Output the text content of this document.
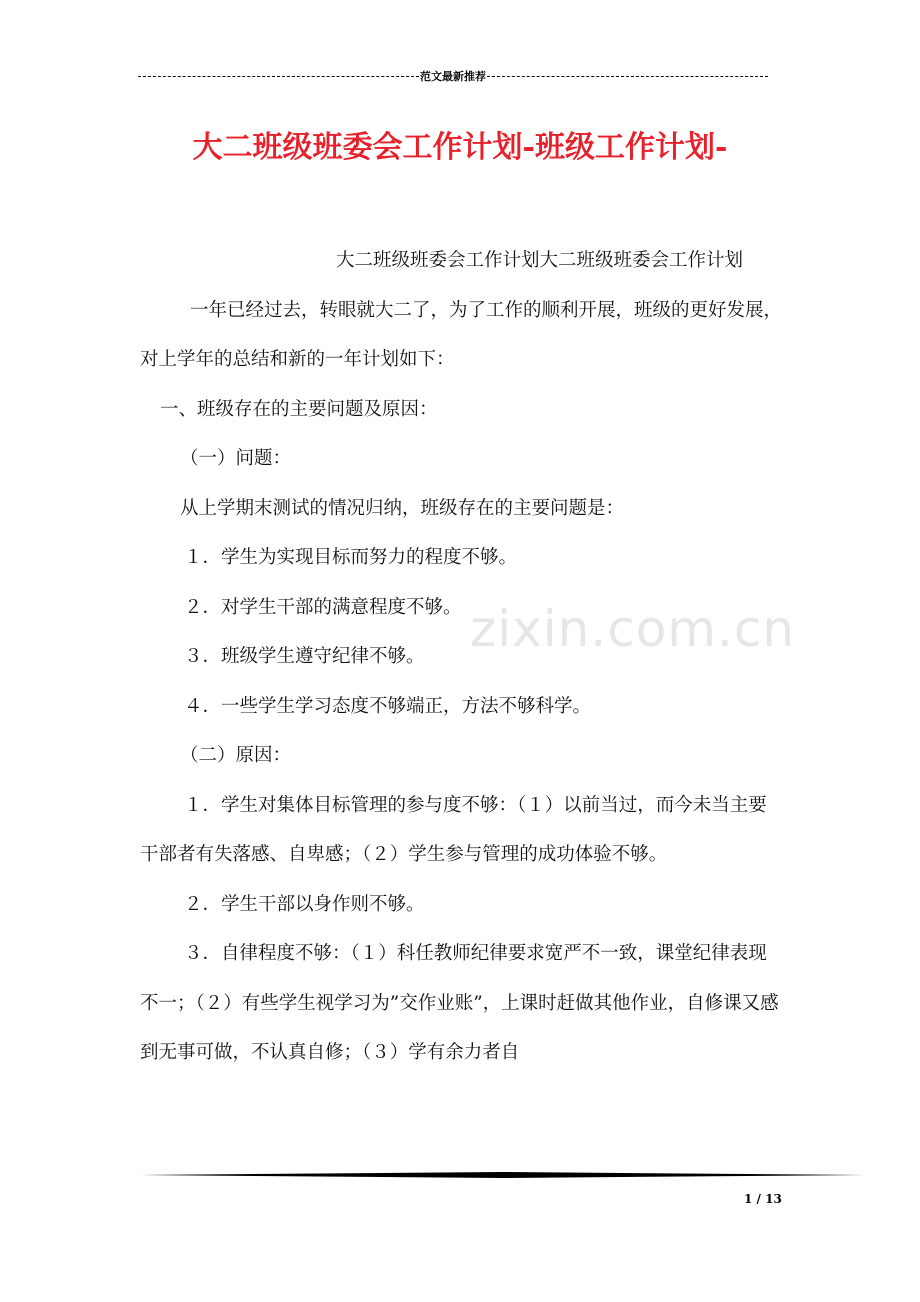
范文最新推荐
大二班级班委会工作计划-班级工作计划-

大二班级班委会工作计划大二班级班委会工作计划

一年已经过去，转眼就大二了，为了工作的顺利开展，班级的更好发展，对上学年的总结和新的一年计划如下：

一、班级存在的主要问题及原因：

（一）问题：

从上学期末测试的情况归纳，班级存在的主要问题是：

１．学生为实现目标而努力的程度不够。

２．对学生干部的满意程度不够。

３．班级学生遵守纪律不够。

４．一些学生学习态度不够端正，方法不够科学。

（二）原因：

１．学生对集体目标管理的参与度不够：（１）以前当过，而今未当主要干部者有失落感、自卑感；（２）学生参与管理的成功体验不够。

２．学生干部以身作则不够。

３．自律程度不够：（１）科任教师纪律要求宽严不一致，课堂纪律表现不一；（２）有些学生视学习为”交作业账”，上课时赶做其他作业，自修课又感到无事可做，不认真自修；（３）学有余力者自

zixin.com.cn
1 / 13
